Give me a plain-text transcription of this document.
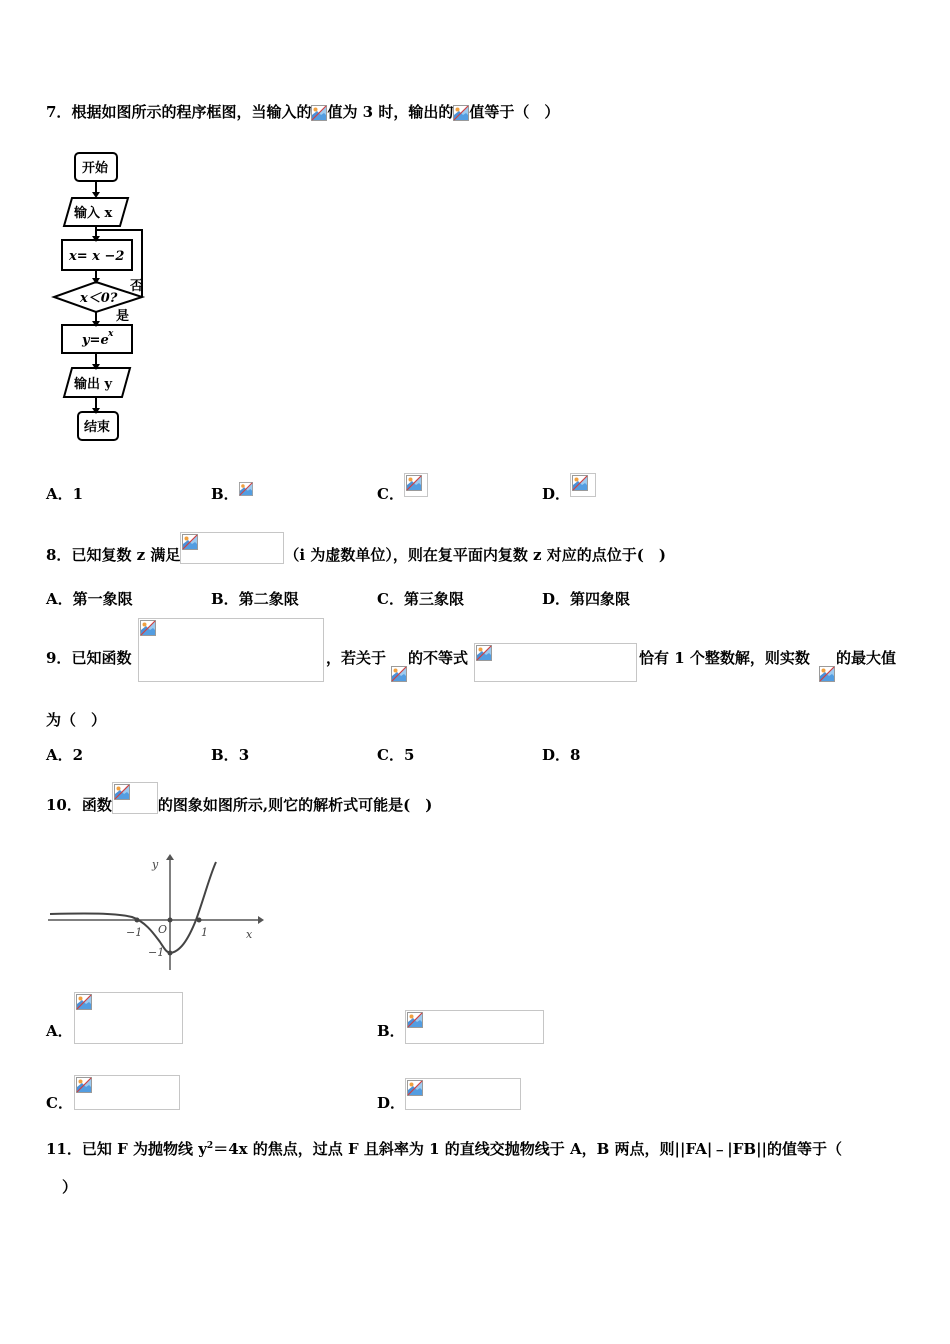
7．根据如图所示的程序框图，当输入的 值为 3 时，输出的 值等于（　）
开始
输入 x
x= x −2
x＜0?
是
否
y=e x
输出 y
结束
A．1	B．	C．	D．
8．已知复数 z 满足	（i 为虚数单位），则在复平面内复数 z 对应的点位于(　)
A．第一象限	B．第二象限	C．第三象限	D．第四象限
9．已知函数	，若关于 的不等式	恰有 1 个整数解，则实数 的最大值
为（　）
A．2	B．3	C．5	D．8
10．函数	的图象如图所示,则它的解析式可能是(　)
y
x
O
−1	1
−1
A．	B．
C．	D．
11．已知 F 为抛物线 $y^2=4x$ 的焦点，过点 F 且斜率为 1 的直线交抛物线于 A，B 两点，则||FA|﹣|FB||的值等于（
）
